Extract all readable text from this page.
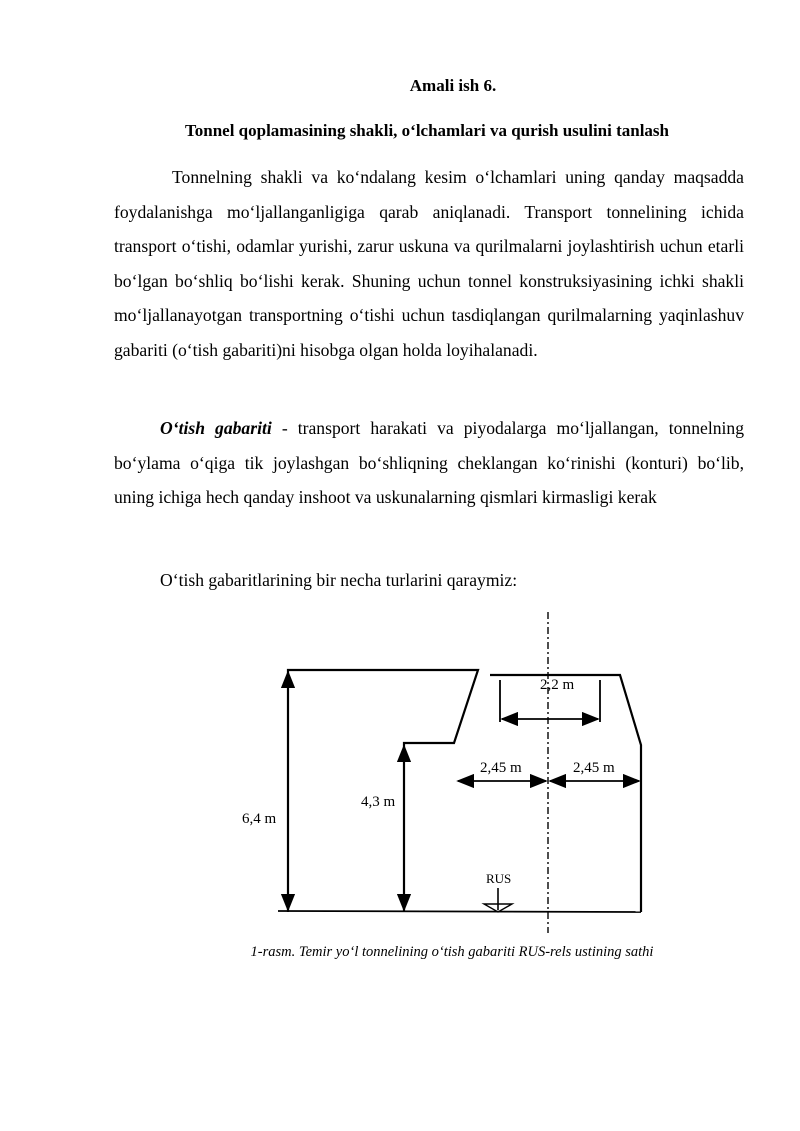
Amali ish 6.
Tonnel qoplamasining shakli, o‘lchamlari va qurish usulini tanlash

Tonnelning shakli va ko‘ndalang kesim o‘lchamlari uning qanday maqsadda foydalanishga mo‘ljallanganligiga qarab aniqlanadi. Transport tonnelining ichida transport o‘tishi, odamlar yurishi, zarur uskuna va qurilmalarni joylashtirish uchun etarli bo‘lgan bo‘shliq bo‘lishi kerak. Shuning uchun tonnel konstruksiyasining ichki shakli mo‘ljallanayotgan transportning o‘tishi uchun tasdiqlangan qurilmalarning yaqinlashuv gabariti (o‘tish gabariti)ni hisobga olgan holda loyihalanadi.

O‘tish gabariti - transport harakati va piyodalarga mo‘ljallangan, tonnelning bo‘ylama o‘qiga tik joylashgan bo‘shliqning cheklangan ko‘rinishi (konturi) bo‘lib, uning ichiga hech qanday inshoot va uskunalarning qismlari kirmasligi kerak

O‘tish gabaritlarining bir necha turlarini qaraymiz:
6,4 m
4,3 m
2,2 m
2,45 m	2,45 m
RUS
1-rasm. Temir yo‘l tonnelining o‘tish gabariti RUS-rels ustining sathi
